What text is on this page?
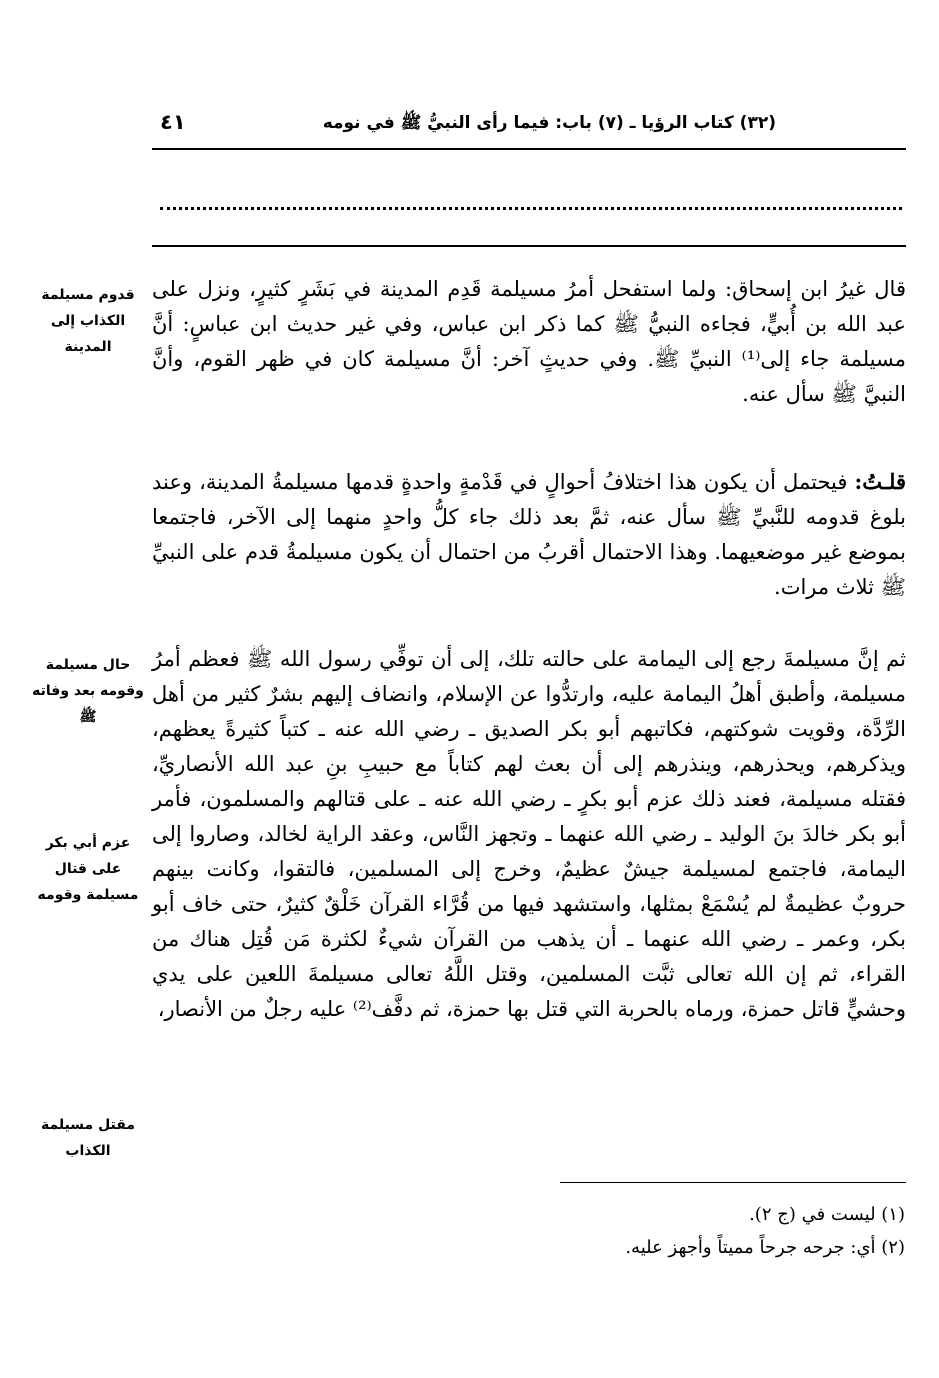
(٣٢) كتاب الرؤيا ـ (٧) باب: فيما رأى النبيُّ ﷺ في نومه
٤١

قال غيرُ ابن إسحاق: ولما استفحل أمرُ مسيلمة قَدِم المدينة في بَشَرٍ كثيرٍ، ونزل على عبد الله بن أُبيٍّ، فجاءه النبيُّ ﷺ كما ذكر ابن عباس، وفي غير حديث ابن عباسٍ: أنَّ مسيلمة جاء إلى⁽¹⁾ النبيِّ ﷺ. وفي حديثٍ آخر: أنَّ مسيلمة كان في ظهر القوم، وأنَّ النبيَّ ﷺ سأل عنه.

قلـتُ: فيحتمل أن يكون هذا اختلافُ أحوالٍ في قَدْمةٍ واحدةٍ قدمها مسيلمةُ المدينة، وعند بلوغ قدومه للنَّبيِّ ﷺ سأل عنه، ثمَّ بعد ذلك جاء كلُّ واحدٍ منهما إلى الآخر، فاجتمعا بموضع غير موضعيهما. وهذا الاحتمال أقربُ من احتمال أن يكون مسيلمةُ قدم على النبيِّ ﷺ ثلاث مرات.

ثم إنَّ مسيلمةَ رجع إلى اليمامة على حالته تلك، إلى أن توفِّي رسول الله ﷺ فعظم أمرُ مسيلمة، وأطبق أهلُ اليمامة عليه، وارتدُّوا عن الإسلام، وانضاف إليهم بشرٌ كثير من أهل الرِّدَّة، وقويت شوكتهم، فكاتبهم أبو بكر الصديق ـ رضي الله عنه ـ كتباً كثيرةً يعظهم، ويذكرهم، ويحذرهم، وينذرهم إلى أن بعث لهم كتاباً مع حبيبِ بنِ عبد الله الأنصاريِّ، فقتله مسيلمة، فعند ذلك عزم أبو بكرٍ ـ رضي الله عنه ـ على قتالهم والمسلمون، فأمر أبو بكر خالدَ بنَ الوليد ـ رضي الله عنهما ـ وتجهز النَّاس، وعقد الراية لخالد، وصاروا إلى اليمامة، فاجتمع لمسيلمة جيشٌ عظيمٌ، وخرج إلى المسلمين، فالتقوا، وكانت بينهم حروبٌ عظيمةٌ لم يُسْمَعْ بمثلها، واستشهد فيها من قُرَّاء القرآن خَلْقٌ كثيرٌ، حتى خاف أبو بكر، وعمر ـ رضي الله عنهما ـ أن يذهب من القرآن شيءٌ لكثرة مَن قُتِل هناك من القراء، ثم إن الله تعالى ثبَّت المسلمين، وقتل اللَّهُ تعالى مسيلمةَ اللعين على يدي وحشيٍّ قاتل حمزة، ورماه بالحربة التي قتل بها حمزة، ثم دفَّف⁽²⁾ عليه رجلٌ من الأنصار،

قدوم مسيلمة الكذاب إلى المدينة
حال مسيلمة وقومه بعد وفاته ﷺ
عزم أبي بكر على قتال مسيلمة وقومه
مقتل مسيلمة الكذاب

(١) ليست في (ج ٢).

(٢) أي: جرحه جرحاً مميتاً وأجهز عليه.
